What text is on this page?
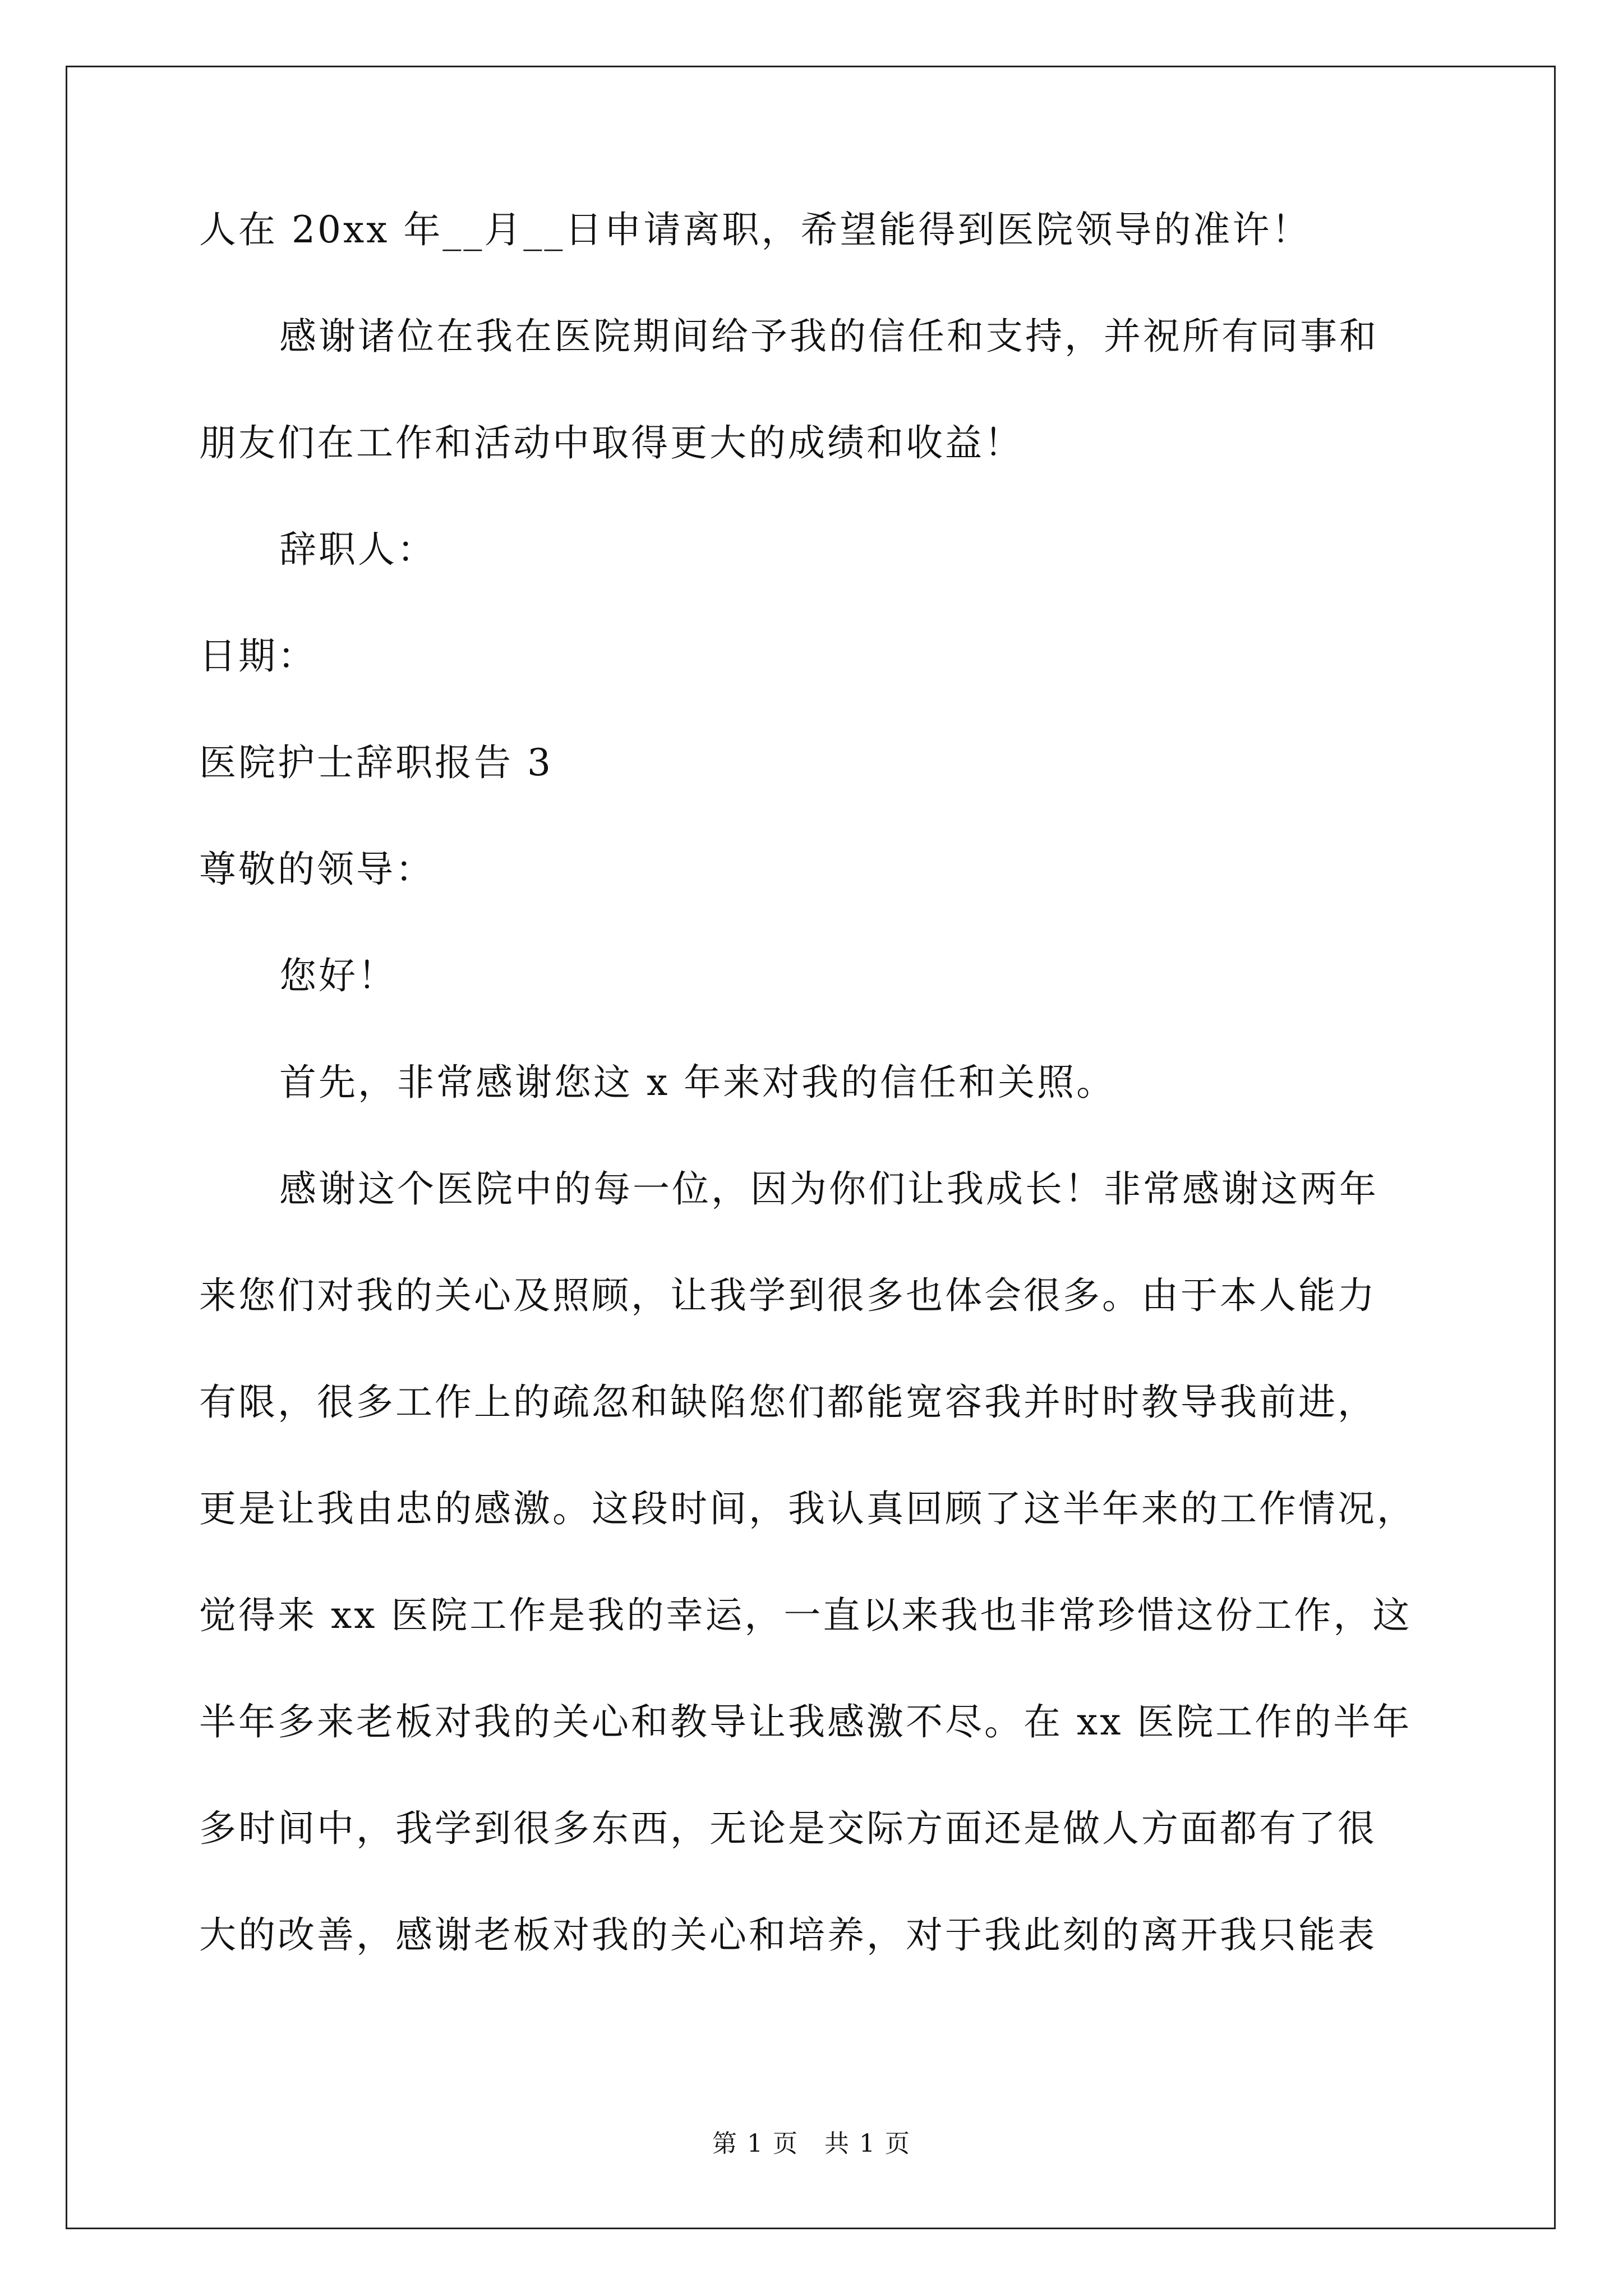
人在 20xx 年__月__日申请离职，希望能得到医院领导的准许！
感谢诸位在我在医院期间给予我的信任和支持，并祝所有同事和
朋友们在工作和活动中取得更大的成绩和收益！
辞职人：
日期：
医院护士辞职报告 3
尊敬的领导：
您好！
首先，非常感谢您这 x 年来对我的信任和关照。
感谢这个医院中的每一位，因为你们让我成长！非常感谢这两年
来您们对我的关心及照顾，让我学到很多也体会很多。由于本人能力
有限，很多工作上的疏忽和缺陷您们都能宽容我并时时教导我前进，
更是让我由忠的感激。这段时间，我认真回顾了这半年来的工作情况，
觉得来 xx 医院工作是我的幸运，一直以来我也非常珍惜这份工作，这
半年多来老板对我的关心和教导让我感激不尽。在 xx 医院工作的半年
多时间中，我学到很多东西，无论是交际方面还是做人方面都有了很
大的改善，感谢老板对我的关心和培养，对于我此刻的离开我只能表
第 1 页　共 1 页
